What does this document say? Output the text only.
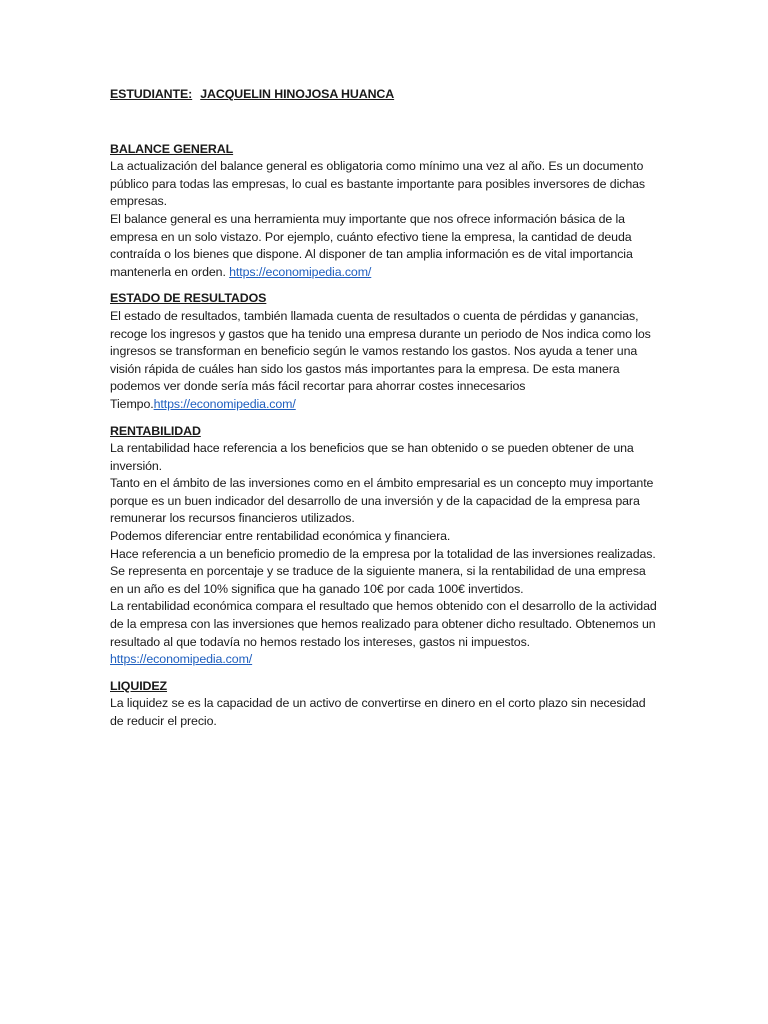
ESTUDIANTE: JACQUELIN HINOJOSA HUANCA

BALANCE GENERAL

La actualización del balance general es obligatoria como mínimo una vez al año. Es un documento público para todas las empresas, lo cual es bastante importante para posibles inversores de dichas empresas.

El balance general es una herramienta muy importante que nos ofrece información básica de la empresa en un solo vistazo. Por ejemplo, cuánto efectivo tiene la empresa, la cantidad de deuda contraída o los bienes que dispone. Al disponer de tan amplia información es de vital importancia mantenerla en orden. https://economipedia.com/

ESTADO DE RESULTADOS

El estado de resultados, también llamada cuenta de resultados o cuenta de pérdidas y ganancias, recoge los ingresos y gastos que ha tenido una empresa durante un periodo de Nos indica como los ingresos se transforman en beneficio según le vamos restando los gastos. Nos ayuda a tener una visión rápida de cuáles han sido los gastos más importantes para la empresa. De esta manera podemos ver donde sería más fácil recortar para ahorrar costes innecesarios Tiempo.https://economipedia.com/

RENTABILIDAD

La rentabilidad hace referencia a los beneficios que se han obtenido o se pueden obtener de una inversión.

Tanto en el ámbito de las inversiones como en el ámbito empresarial es un concepto muy importante porque es un buen indicador del desarrollo de una inversión y de la capacidad de la empresa para remunerar los recursos financieros utilizados.

Podemos diferenciar entre rentabilidad económica y financiera.

Hace referencia a un beneficio promedio de la empresa por la totalidad de las inversiones realizadas. Se representa en porcentaje y se traduce de la siguiente manera, si la rentabilidad de una empresa en un año es del 10% significa que ha ganado 10€ por cada 100€ invertidos.

La rentabilidad económica compara el resultado que hemos obtenido con el desarrollo de la actividad de la empresa con las inversiones que hemos realizado para obtener dicho resultado. Obtenemos un resultado al que todavía no hemos restado los intereses, gastos ni impuestos. https://economipedia.com/

LIQUIDEZ

La liquidez se es la capacidad de un activo de convertirse en dinero en el corto plazo sin necesidad de reducir el precio.
